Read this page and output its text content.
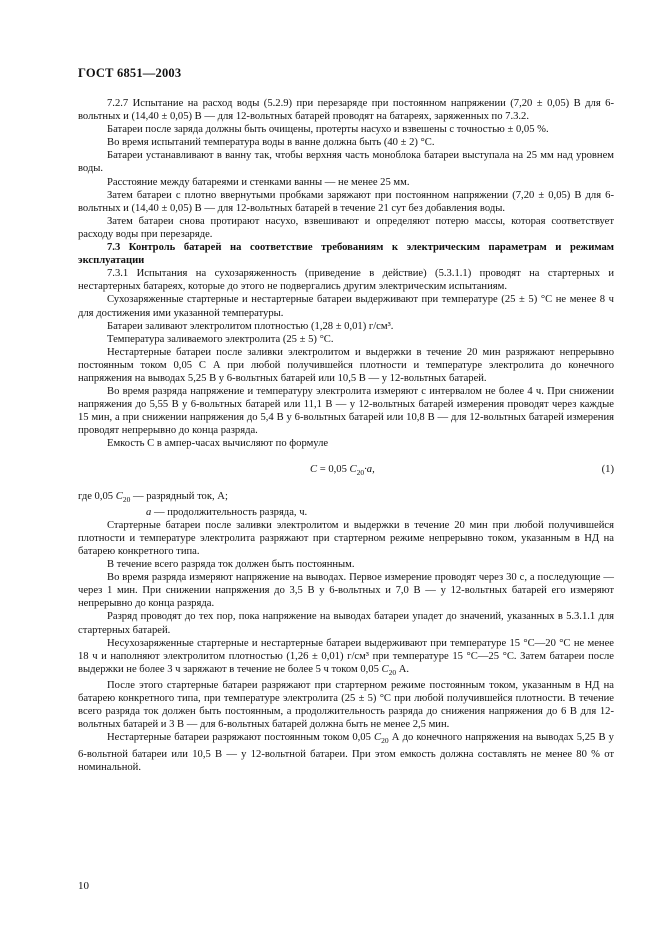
ГОСТ 6851—2003

7.2.7 Испытание на расход воды (5.2.9) при перезаряде при постоянном напряжении (7,20 ± 0,05) В для 6-вольтных и (14,40 ± 0,05) В — для 12-вольтных батарей проводят на батареях, заряженных по 7.3.2.

Батареи после заряда должны быть очищены, протерты насухо и взвешены с точностью ± 0,05 %.

Во время испытаний температура воды в ванне должна быть (40 ± 2) °С.

Батареи устанавливают в ванну так, чтобы верхняя часть моноблока батареи выступала на 25 мм над уровнем воды.

Расстояние между батареями и стенками ванны — не менее 25 мм.

Затем батареи с плотно ввернутыми пробками заряжают при постоянном напряжении (7,20 ± 0,05) В для 6-вольтных и (14,40 ± 0,05) В — для 12-вольтных батарей в течение 21 сут без добавления воды.

Затем батареи снова протирают насухо, взвешивают и определяют потерю массы, которая соответствует расходу воды при перезаряде.

7.3 Контроль батарей на соответствие требованиям к электрическим параметрам и режимам эксплуатации

7.3.1 Испытания на сухозаряженность (приведение в действие) (5.3.1.1) проводят на стартерных и нестартерных батареях, которые до этого не подвергались другим электрическим испытаниям.

Сухозаряженные стартерные и нестартерные батареи выдерживают при температуре (25 ± 5) °С не менее 8 ч для достижения ими указанной температуры.

Батареи заливают электролитом плотностью (1,28 ± 0,01) г/см³.

Температура заливаемого электролита (25 ± 5) °С.

Нестартерные батареи после заливки электролитом и выдержки в течение 20 мин разряжают непрерывно постоянным током 0,05 С А при любой получившейся плотности и температуре электролита до конечного напряжения на выводах 5,25 В у 6-вольтных батарей или 10,5 В — у 12-вольтных батарей.

Во время разряда напряжение и температуру электролита измеряют с интервалом не более 4 ч. При снижении напряжения до 5,55 В у 6-вольтных батарей или 11,1 В — у 12-вольтных батарей измерения проводят через каждые 15 мин, а при снижении напряжения до 5,4 В у 6-вольтных батарей или 10,8 В — для 12-вольтных батарей измерения проводят непрерывно до конца разряда.

Емкость С в ампер-часах вычисляют по формуле

С = 0,05 $С_{20}\cdot a$,	(1)

где 0,05 $С_{20}$ — разрядный ток, А;

a — продолжительность разряда, ч.

Стартерные батареи после заливки электролитом и выдержки в течение 20 мин при любой получившейся плотности и температуре электролита разряжают при стартерном режиме непрерывно током, указанным в НД на батарею конкретного типа.

В течение всего разряда ток должен быть постоянным.

Во время разряда измеряют напряжение на выводах. Первое измерение проводят через 30 с, а последующие — через 1 мин. При снижении напряжения до 3,5 В у 6-вольтных и 7,0 В — у 12-вольтных батарей его измеряют непрерывно до конца разряда.

Разряд проводят до тех пор, пока напряжение на выводах батареи упадет до значений, указанных в 5.3.1.1 для стартерных батарей.

Несухозаряженные стартерные и нестартерные батареи выдерживают при температуре 15 °С—20 °С не менее 18 ч и наполняют электролитом плотностью (1,26 ± 0,01) г/см³ при температуре 15 °С—25 °С. Затем батареи после выдержки не более 3 ч заряжают в течение не более 5 ч током 0,05 $С_{20}$ А.

После этого стартерные батареи разряжают при стартерном режиме постоянным током, указанным в НД на батарею конкретного типа, при температуре электролита (25 ± 5) °С при любой получившейся плотности. В течение всего разряда ток должен быть постоянным, а продолжительность разряда до снижения напряжения до 6 В для 12-вольтных батарей и 3 В — для 6-вольтных батарей должна быть не менее 2,5 мин.

Нестартерные батареи разряжают постоянным током 0,05 $С_{20}$ А до конечного напряжения на выводах 5,25 В у 6-вольтной батареи или 10,5 В — у 12-вольтной батареи. При этом емкость должна составлять не менее 80 % от номинальной.

10
